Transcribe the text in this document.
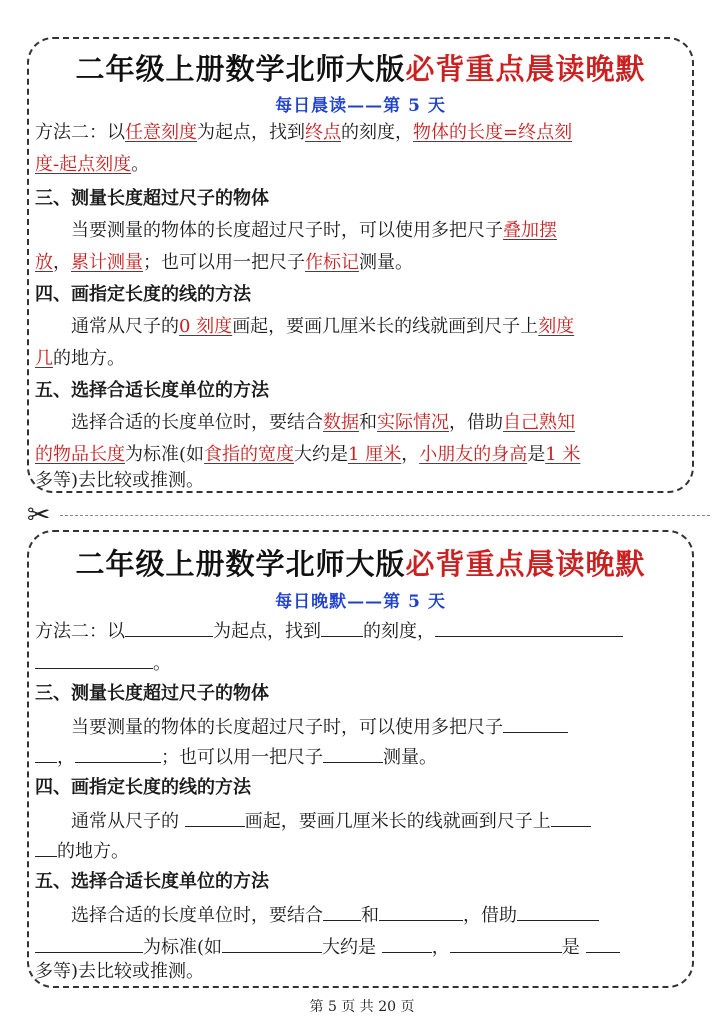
二年级上册数学北师大版必背重点晨读晚默
每日晨读——第 5 天
方法二：以任意刻度为起点，找到终点的刻度，物体的长度=终点刻
度-起点刻度。
三、测量长度超过尺子的物体
当要测量的物体的长度超过尺子时，可以使用多把尺子叠加摆
放，累计测量；也可以用一把尺子作标记测量。
四、画指定长度的线的方法
通常从尺子的0 刻度画起，要画几厘米长的线就画到尺子上刻度
几的地方。
五、选择合适长度单位的方法
选择合适的长度单位时，要结合数据和实际情况，借助自己熟知
的物品长度为标准(如食指的宽度大约是1 厘米，小朋友的身高是1 米
多等)去比较或推测。
✂
二年级上册数学北师大版必背重点晨读晚默
每日晚默——第 5 天
方法二：以	为起点，找到 的刻度，
。
三、测量长度超过尺子的物体
当要测量的物体的长度超过尺子时，可以使用多把尺子
，	；也可以用一把尺子	测量。
四、画指定长度的线的方法
通常从尺子的	画起，要画几厘米长的线就画到尺子上
的地方。
五、选择合适长度单位的方法
选择合适的长度单位时，要结合 和	，借助
为标准(如	大约是	，	是
多等)去比较或推测。
第 5 页 共 20 页
